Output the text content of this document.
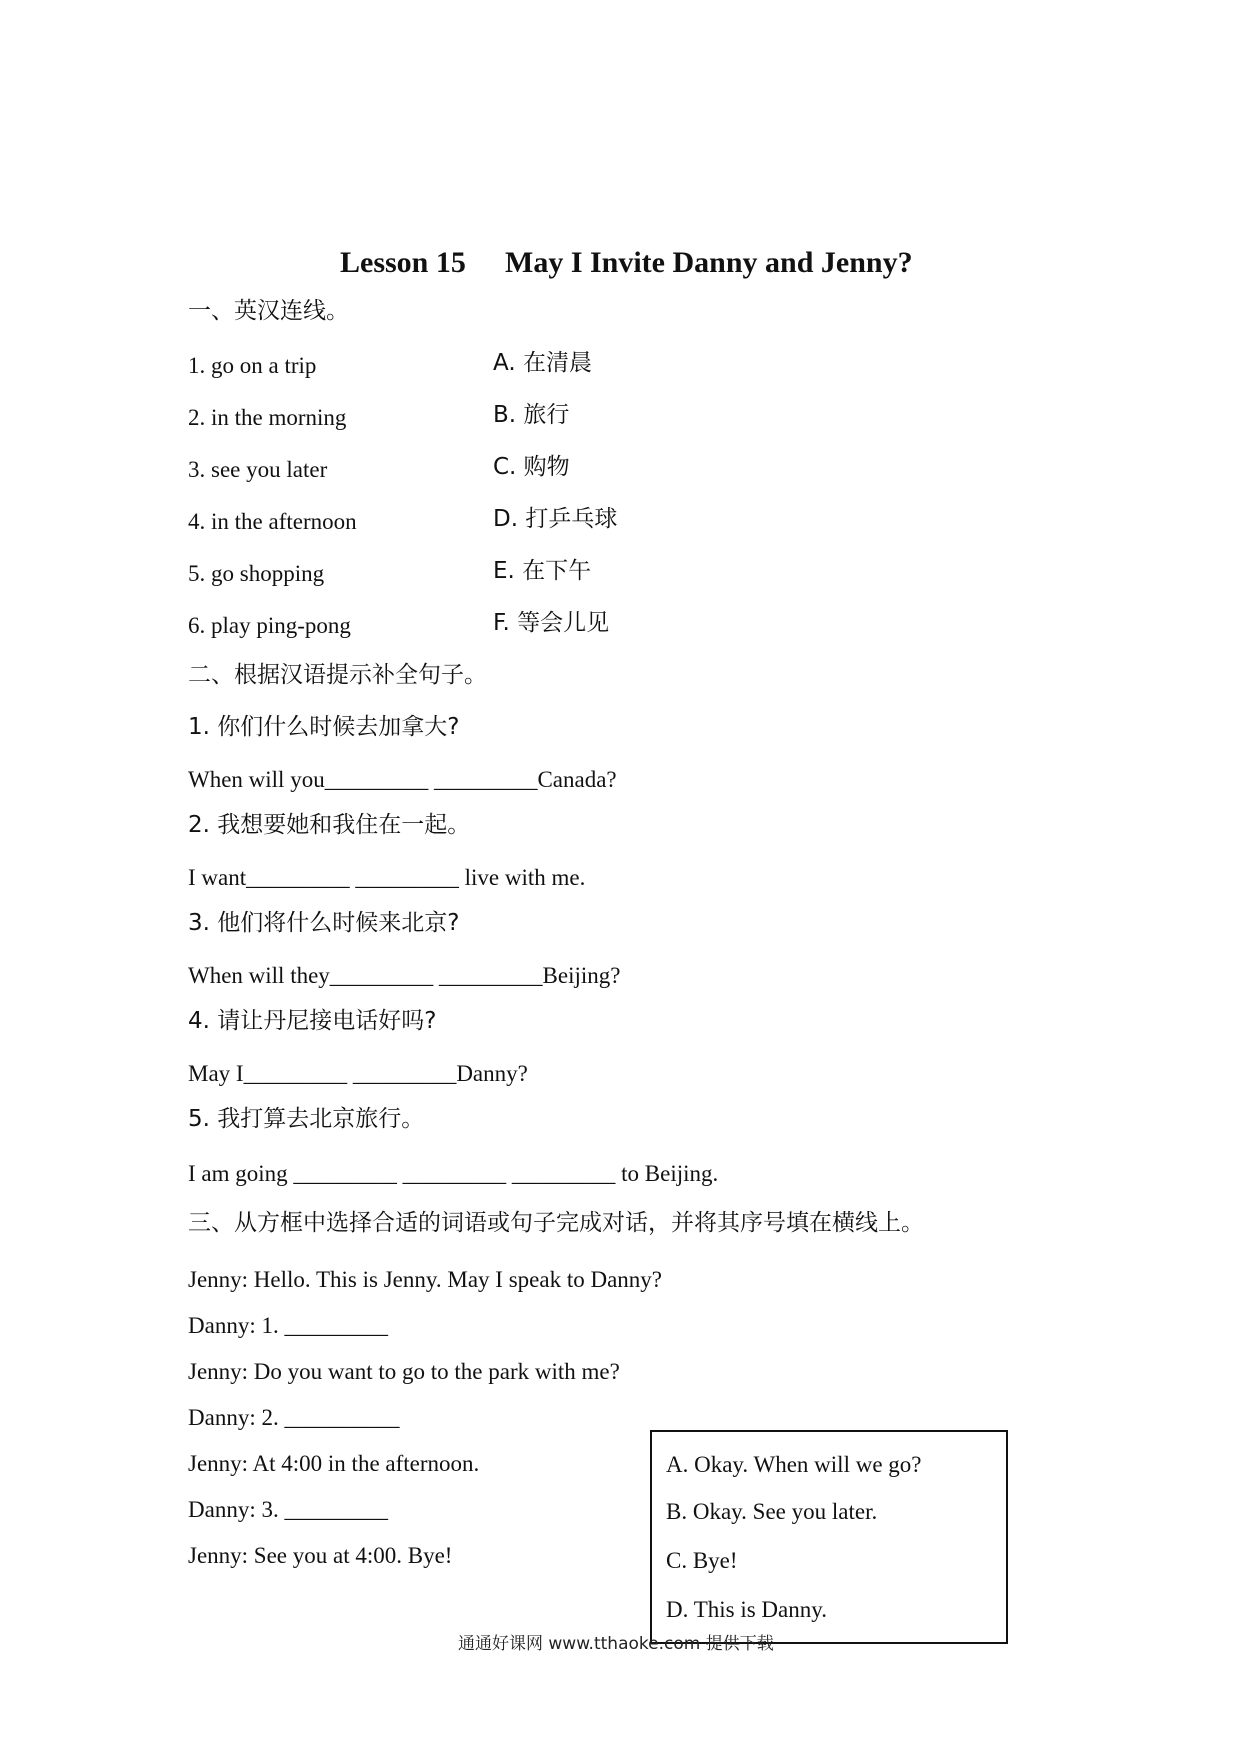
Lesson 15 May I Invite Danny and Jenny?
一、英汉连线。
1. go on a trip
2. in the morning
3. see you later
4. in the afternoon
5. go shopping
6. play ping-pong
A. 在清晨
B. 旅行
C. 购物
D. 打乒乓球
E. 在下午
F. 等会儿见
二、根据汉语提示补全句子。
1. 你们什么时候去加拿大?
When will you_________ _________Canada?
2. 我想要她和我住在一起。
I want_________ _________ live with me.
3. 他们将什么时候来北京?
When will they_________ _________Beijing?
4. 请让丹尼接电话好吗?
May I_________ _________Danny?
5. 我打算去北京旅行。
I am going _________ _________ _________ to Beijing.
三、从方框中选择合适的词语或句子完成对话，并将其序号填在横线上。
Jenny: Hello. This is Jenny. May I speak to Danny?
Danny: 1. _________
Jenny: Do you want to go to the park with me?
Danny: 2. __________
Jenny: At 4:00 in the afternoon.
Danny: 3. _________
Jenny: See you at 4:00. Bye!
A. Okay. When will we go?
B. Okay. See you later.
C. Bye!
D. This is Danny.
通通好课网 www.tthaoke.com 提供下载
